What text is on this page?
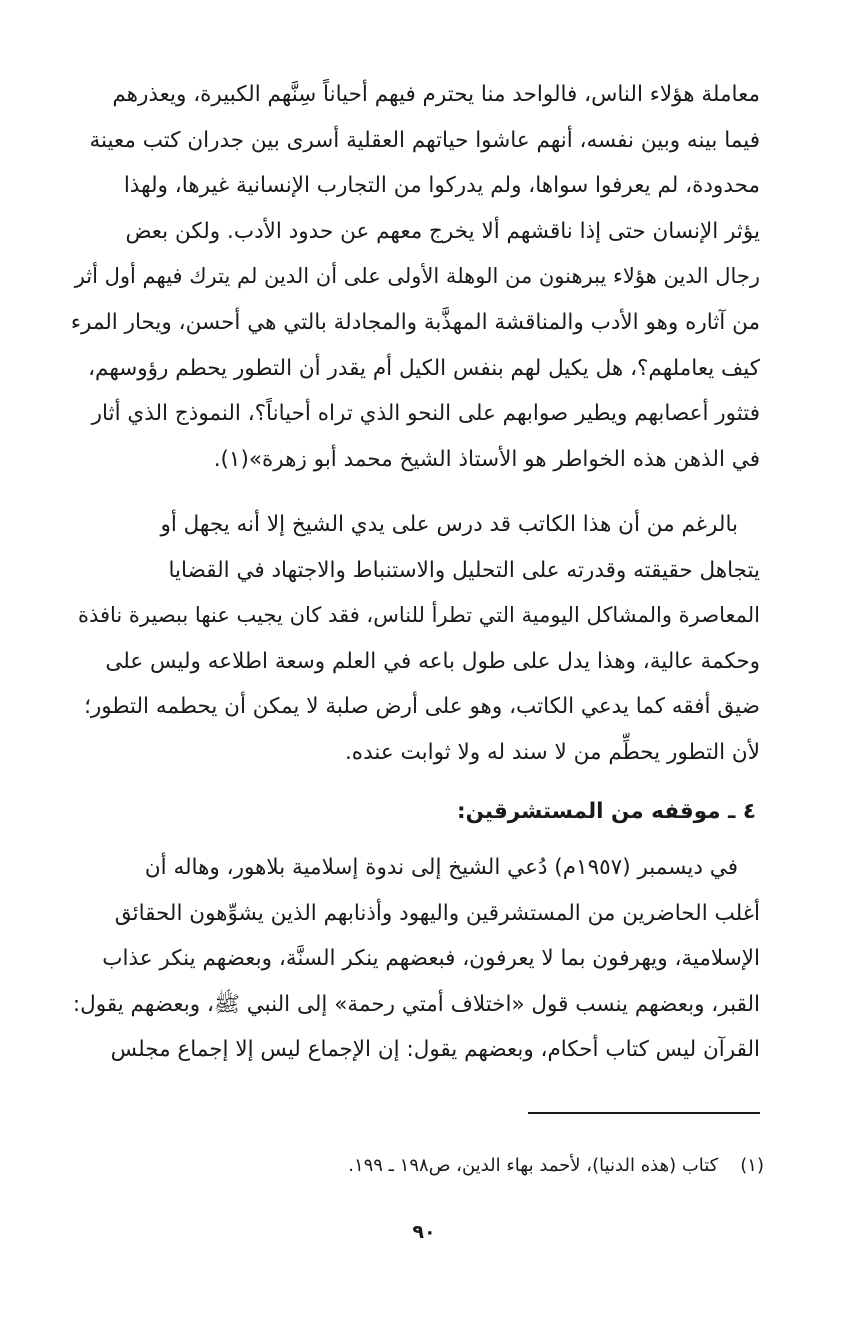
معاملة هؤلاء الناس، فالواحد منا يحترم فيهم أحياناً سِنَّهم الكبيرة، ويعذرهم
فيما بينه وبين نفسه، أنهم عاشوا حياتهم العقلية أسرى بين جدران كتب معينة
محدودة، لم يعرفوا سواها، ولم يدركوا من التجارب الإنسانية غيرها، ولهذا
يؤثر الإنسان حتى إذا ناقشهم ألا يخرج معهم عن حدود الأدب. ولكن بعض
رجال الدين هؤلاء يبرهنون من الوهلة الأولى على أن الدين لم يترك فيهم أول أثر
من آثاره وهو الأدب والمناقشة المهذَّبة والمجادلة بالتي هي أحسن، ويحار المرء
كيف يعاملهم؟، هل يكيل لهم بنفس الكيل أم يقدر أن التطور يحطم رؤوسهم،
فتثور أعصابهم ويطير صوابهم على النحو الذي تراه أحياناً؟، النموذج الذي أثار
في الذهن هذه الخواطر هو الأستاذ الشيخ محمد أبو زهرة»(١).
بالرغم من أن هذا الكاتب قد درس على يدي الشيخ إلا أنه يجهل أو
يتجاهل حقيقته وقدرته على التحليل والاستنباط والاجتهاد في القضايا
المعاصرة والمشاكل اليومية التي تطرأ للناس، فقد كان يجيب عنها ببصيرة نافذة
وحكمة عالية، وهذا يدل على طول باعه في العلم وسعة اطلاعه وليس على
ضيق أفقه كما يدعي الكاتب، وهو على أرض صلبة لا يمكن أن يحطمه التطور؛
لأن التطور يحطِّم من لا سند له ولا ثوابت عنده.
٤ ـ موقفه من المستشرقين:
في ديسمبر (١٩٥٧م) دُعي الشيخ إلى ندوة إسلامية بلاهور، وهاله أن
أغلب الحاضرين من المستشرقين واليهود وأذنابهم الذين يشوِّهون الحقائق
الإسلامية، ويهرفون بما لا يعرفون، فبعضهم ينكر السنَّة، وبعضهم ينكر عذاب
القبر، وبعضهم ينسب قول «اختلاف أمتي رحمة» إلى النبي ﷺ، وبعضهم يقول:
القرآن ليس كتاب أحكام، وبعضهم يقول: إن الإجماع ليس إلا إجماع مجلس

(١)كتاب (هذه الدنيا)، لأحمد بهاء الدين، ص١٩٨ ـ ١٩٩.

٩٠
